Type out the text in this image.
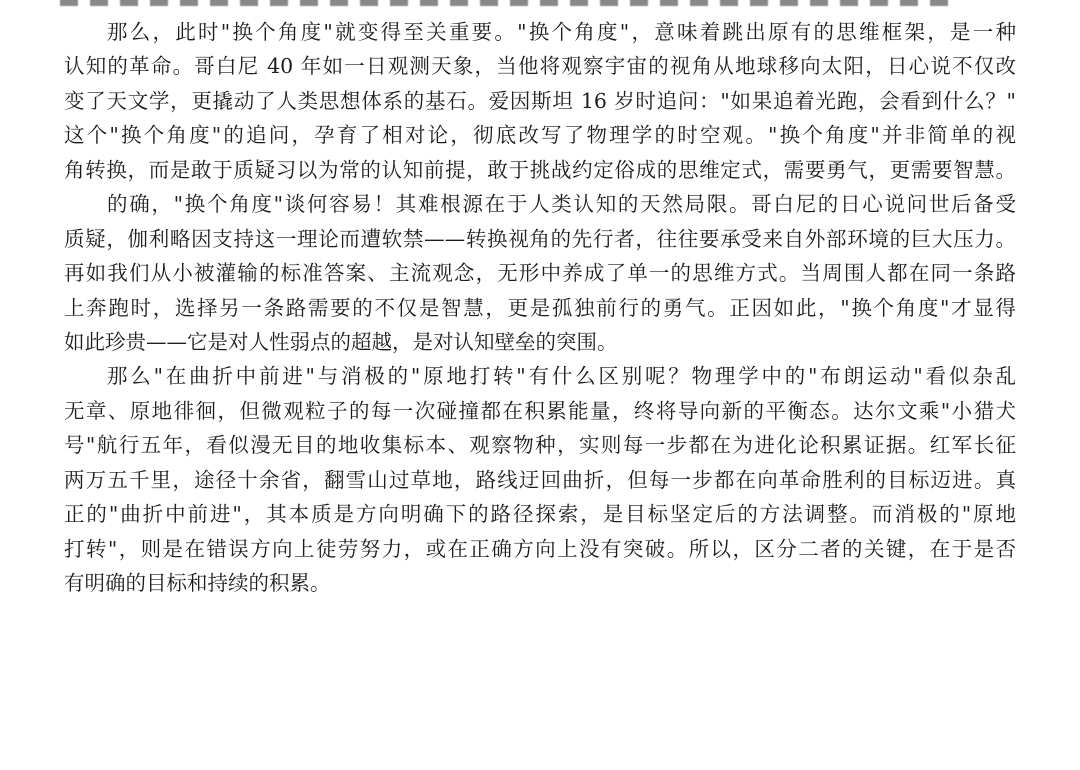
那么，此时"换个角度"就变得至关重要。"换个角度"，意味着跳出原有的思维框架，是一种
认知的革命。哥白尼 40 年如一日观测天象，当他将观察宇宙的视角从地球移向太阳，日心说不仅改
变了天文学，更撬动了人类思想体系的基石。爱因斯坦 16 岁时追问："如果追着光跑，会看到什么？"
这个"换个角度"的追问，孕育了相对论，彻底改写了物理学的时空观。"换个角度"并非简单的视
角转换，而是敢于质疑习以为常的认知前提，敢于挑战约定俗成的思维定式，需要勇气，更需要智慧。
的确，"换个角度"谈何容易！其难根源在于人类认知的天然局限。哥白尼的日心说问世后备受
质疑，伽利略因支持这一理论而遭软禁——转换视角的先行者，往往要承受来自外部环境的巨大压力。
再如我们从小被灌输的标准答案、主流观念，无形中养成了单一的思维方式。当周围人都在同一条路
上奔跑时，选择另一条路需要的不仅是智慧，更是孤独前行的勇气。正因如此，"换个角度"才显得
如此珍贵——它是对人性弱点的超越，是对认知壁垒的突围。
那么"在曲折中前进"与消极的"原地打转"有什么区别呢？物理学中的"布朗运动"看似杂乱
无章、原地徘徊，但微观粒子的每一次碰撞都在积累能量，终将导向新的平衡态。达尔文乘"小猎犬
号"航行五年，看似漫无目的地收集标本、观察物种，实则每一步都在为进化论积累证据。红军长征
两万五千里，途径十余省，翻雪山过草地，路线迂回曲折，但每一步都在向革命胜利的目标迈进。真
正的"曲折中前进"，其本质是方向明确下的路径探索，是目标坚定后的方法调整。而消极的"原地
打转"，则是在错误方向上徒劳努力，或在正确方向上没有突破。所以，区分二者的关键，在于是否
有明确的目标和持续的积累。
